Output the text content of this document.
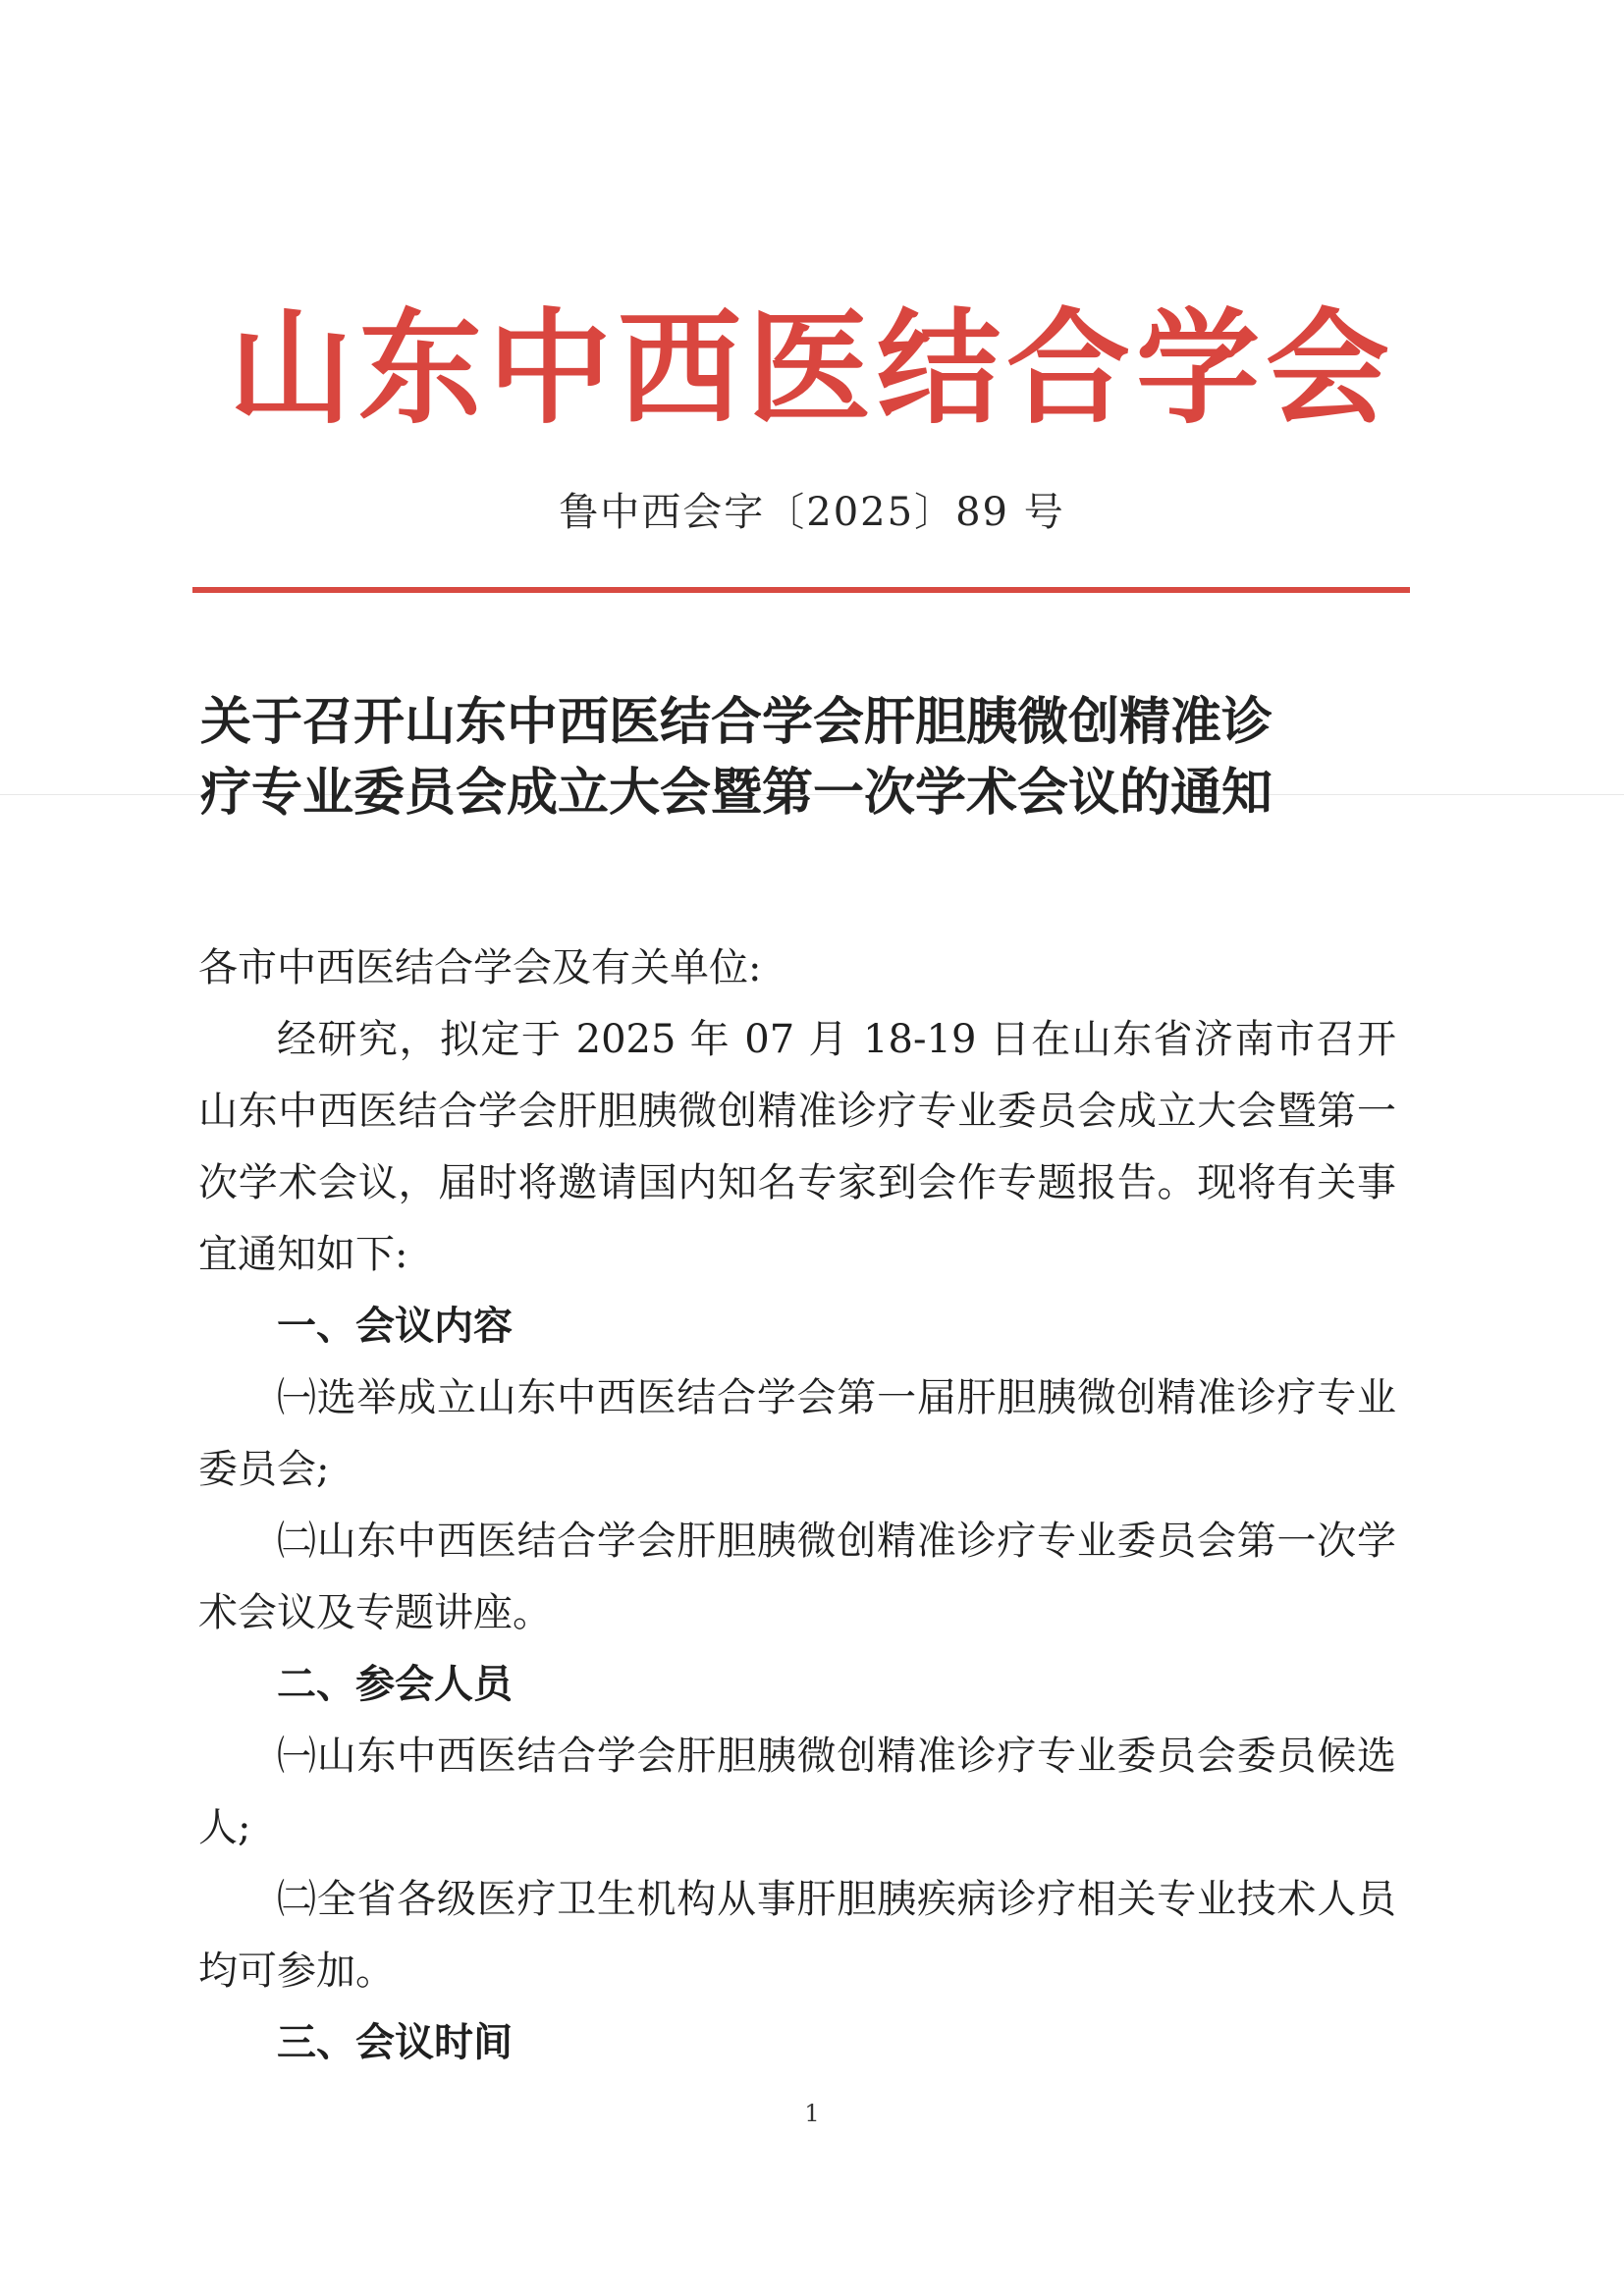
山东中西医结合学会
鲁中西会字〔2025〕89 号
关于召开山东中西医结合学会肝胆胰微创精准诊
疗专业委员会成立大会暨第一次学术会议的通知

各市中西医结合学会及有关单位:

经研究，拟定于 2025 年 07 月 18-19 日在山东省济南市召开山东中西医结合学会肝胆胰微创精准诊疗专业委员会成立大会暨第一次学术会议，届时将邀请国内知名专家到会作专题报告。现将有关事宜通知如下:

一、会议内容

㈠选举成立山东中西医结合学会第一届肝胆胰微创精准诊疗专业委员会;

㈡山东中西医结合学会肝胆胰微创精准诊疗专业委员会第一次学术会议及专题讲座。

二、参会人员

㈠山东中西医结合学会肝胆胰微创精准诊疗专业委员会委员候选人;

㈡全省各级医疗卫生机构从事肝胆胰疾病诊疗相关专业技术人员均可参加。

三、会议时间

1
